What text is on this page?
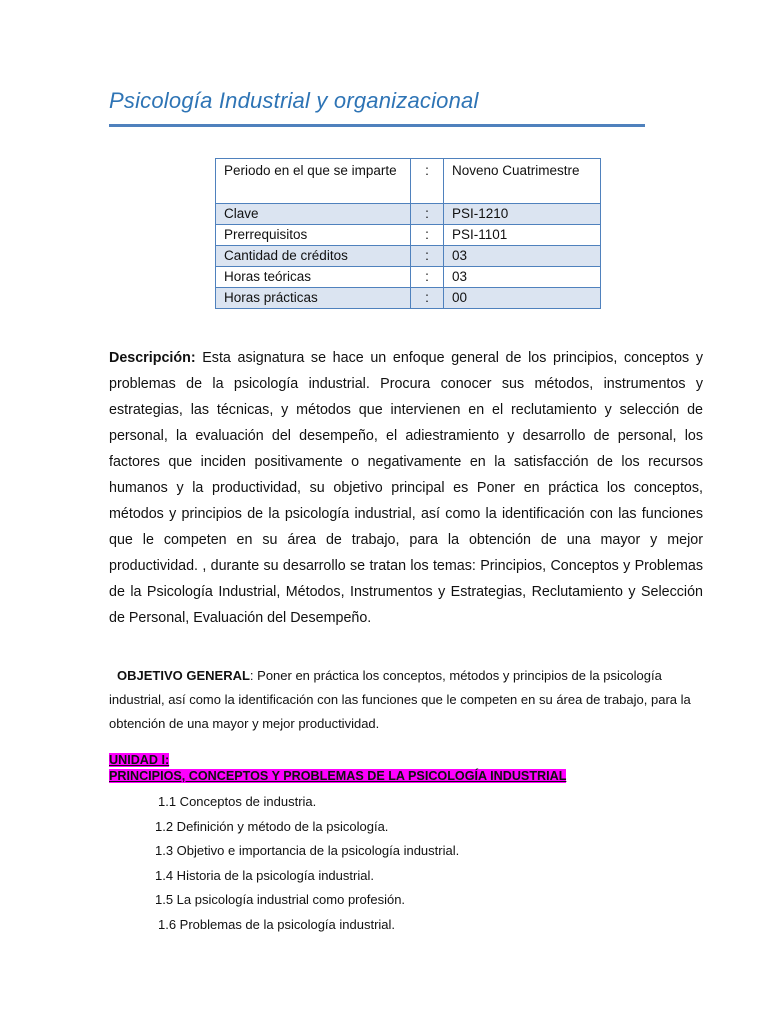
Psicología Industrial y organizacional
Periodo en el que se imparte	:	Noveno Cuatrimestre
Clave	:	PSI-1210
Prerrequisitos	:	PSI-1101
Cantidad de créditos	:	03
Horas teóricas	:	03
Horas prácticas	:	00
Descripción: Esta asignatura se hace un enfoque general de los principios, conceptos y problemas de la psicología industrial. Procura conocer sus métodos, instrumentos y estrategias, las técnicas, y métodos que intervienen en el reclutamiento y selección de personal, la evaluación del desempeño, el adiestramiento y desarrollo de personal, los factores que inciden positivamente o negativamente en la satisfacción de los recursos humanos y la productividad, su objetivo principal es Poner en práctica los conceptos, métodos y principios de la psicología industrial, así como la identificación con las funciones que le competen en su área de trabajo, para la obtención de una mayor y mejor productividad. , durante su desarrollo se tratan los temas: Principios, Conceptos y Problemas de la Psicología Industrial, Métodos, Instrumentos y Estrategias, Reclutamiento y Selección de Personal, Evaluación del Desempeño.
OBJETIVO GENERAL: Poner en práctica los conceptos, métodos y principios de la psicología industrial, así como la identificación con las funciones que le competen en su área de trabajo, para la obtención de una mayor y mejor productividad.
UNIDAD I:
PRINCIPIOS, CONCEPTOS Y PROBLEMAS DE LA PSICOLOGÍA INDUSTRIAL
1.1 Conceptos de industria.
1.2 Definición y método de la psicología.
1.3 Objetivo e importancia de la psicología industrial.
1.4 Historia de la psicología industrial.
1.5 La psicología industrial como profesión.
1.6 Problemas de la psicología industrial.
